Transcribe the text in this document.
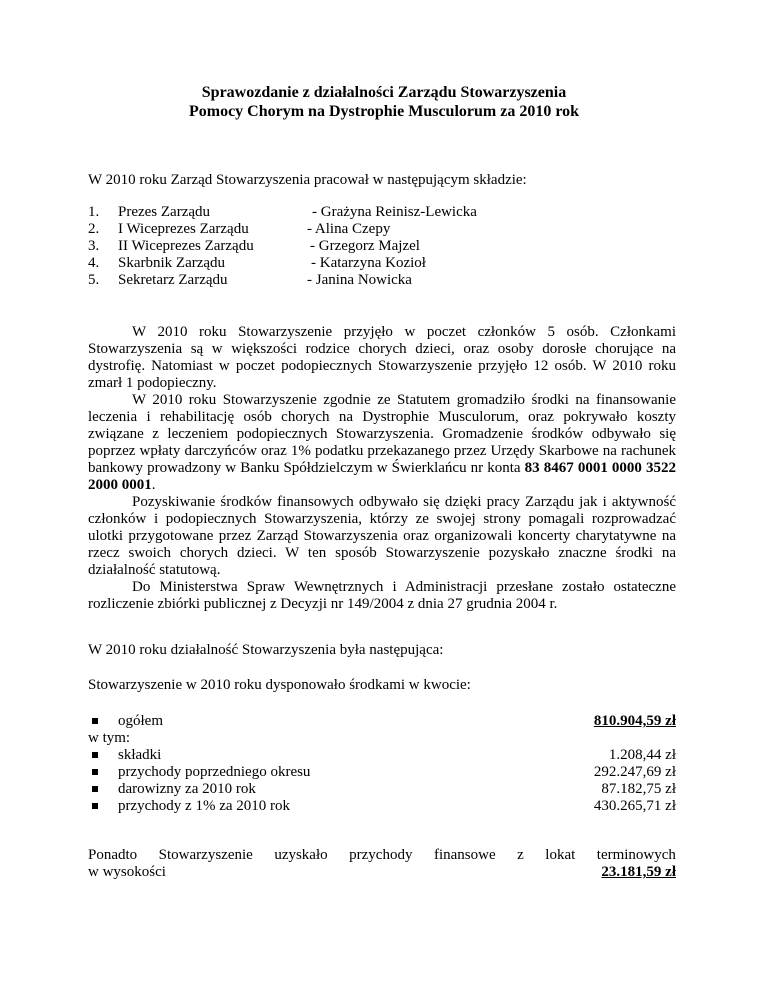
Sprawozdanie z działalności Zarządu Stowarzyszenia
Pomocy Chorym na Dystrophie Musculorum za 2010 rok
W 2010 roku Zarząd Stowarzyszenia pracował w następującym składzie:
1.	Prezes Zarządu	- Grażyna Reinisz-Lewicka
2.	I Wiceprezes Zarządu	- Alina Czepy
3.	II Wiceprezes Zarządu	- Grzegorz Majzel
4.	Skarbnik Zarządu	- Katarzyna Kozioł
5.	Sekretarz Zarządu	- Janina Nowicka

W 2010 roku Stowarzyszenie przyjęło w poczet członków 5 osób. Członkami Stowarzyszenia są w większości rodzice chorych dzieci, oraz osoby dorosłe chorujące na dystrofię. Natomiast w poczet podopiecznych Stowarzyszenie przyjęło 12 osób. W 2010 roku zmarł 1 podopieczny.

W 2010 roku Stowarzyszenie zgodnie ze Statutem gromadziło środki na finansowanie leczenia i rehabilitację osób chorych na Dystrophie Musculorum, oraz pokrywało koszty związane z leczeniem podopiecznych Stowarzyszenia. Gromadzenie środków odbywało się poprzez wpłaty darczyńców oraz 1% podatku przekazanego przez Urzędy Skarbowe na rachunek bankowy prowadzony w Banku Spółdzielczym w Świerklańcu nr konta 83 8467 0001 0000 3522 2000 0001.

Pozyskiwanie środków finansowych odbywało się dzięki pracy Zarządu jak i aktywność członków i podopiecznych Stowarzyszenia, którzy ze swojej strony pomagali rozprowadzać ulotki przygotowane przez Zarząd Stowarzyszenia oraz organizowali koncerty charytatywne na rzecz swoich chorych dzieci. W ten sposób Stowarzyszenie pozyskało znaczne środki na działalność statutową.

Do Ministerstwa Spraw Wewnętrznych i Administracji przesłane zostało ostateczne rozliczenie zbiórki publicznej z Decyzji nr 149/2004 z dnia 27 grudnia 2004 r.

W 2010 roku działalność Stowarzyszenia była następująca:
Stowarzyszenie w 2010 roku dysponowało środkami w kwocie:
ogółem	810.904,59 zł
w tym:
składki	1.208,44 zł
przychody poprzedniego okresu	292.247,69 zł
darowizny za 2010 rok	87.182,75 zł
przychody z 1% za 2010 rok	430.265,71 zł
Ponadto Stowarzyszenie uzyskało przychody finansowe z lokat terminowych
w wysokości	23.181,59 zł
